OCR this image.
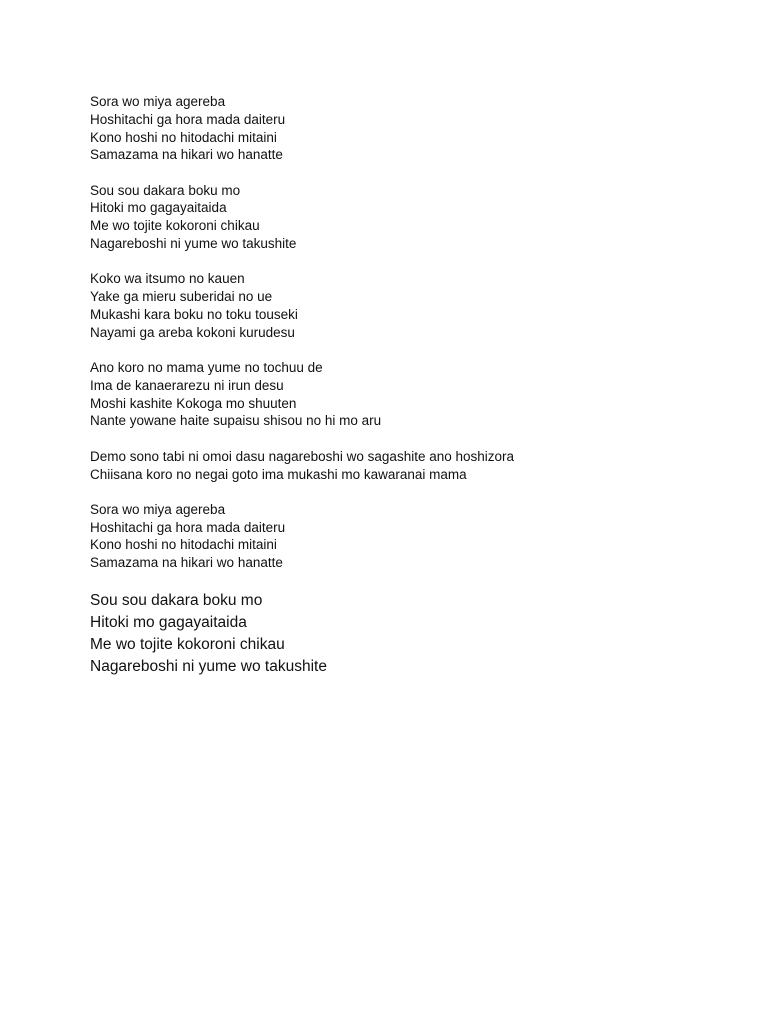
Sora wo miya agereba
Hoshitachi ga hora mada daiteru
Kono hoshi no hitodachi mitaini
Samazama na hikari wo hanatte
Sou sou dakara boku mo
Hitoki mo gagayaitaida
Me wo tojite kokoroni chikau
Nagareboshi ni yume wo takushite
Koko wa itsumo no kauen
Yake ga mieru suberidai no ue
Mukashi kara boku no toku touseki
Nayami ga areba kokoni kurudesu
Ano koro no mama yume no tochuu de
Ima de kanaerarezu ni irun desu
Moshi kashite Kokoga mo shuuten
Nante yowane haite supaisu shisou no hi mo aru
Demo sono tabi ni omoi dasu nagareboshi wo sagashite ano hoshizora
Chiisana koro no negai goto ima mukashi mo kawaranai mama
Sora wo miya agereba
Hoshitachi ga hora mada daiteru
Kono hoshi no hitodachi mitaini
Samazama na hikari wo hanatte
Sou sou dakara boku mo
Hitoki mo gagayaitaida
Me wo tojite kokoroni chikau
Nagareboshi ni yume wo takushite
